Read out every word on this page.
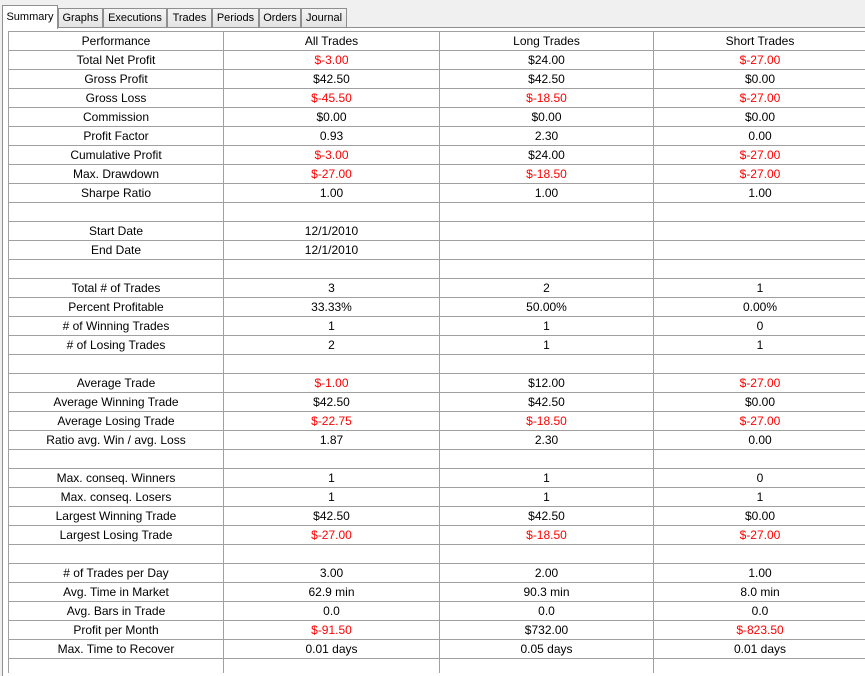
Summary Graphs Executions Trades Periods Orders Journal
Performance	All Trades	Long Trades	Short Trades
Total Net Profit	$-3.00	$24.00	$-27.00
Gross Profit	$42.50	$42.50	$0.00
Gross Loss	$-45.50	$-18.50	$-27.00
Commission	$0.00	$0.00	$0.00
Profit Factor	0.93	2.30	0.00
Cumulative Profit	$-3.00	$24.00	$-27.00
Max. Drawdown	$-27.00	$-18.50	$-27.00
Sharpe Ratio	1.00	1.00	1.00

Start Date	12/1/2010		
End Date	12/1/2010		

Total # of Trades	3	2	1
Percent Profitable	33.33%	50.00%	0.00%
# of Winning Trades	1	1	0
# of Losing Trades	2	1	1

Average Trade	$-1.00	$12.00	$-27.00
Average Winning Trade	$42.50	$42.50	$0.00
Average Losing Trade	$-22.75	$-18.50	$-27.00
Ratio avg. Win / avg. Loss	1.87	2.30	0.00

Max. conseq. Winners	1	1	0
Max. conseq. Losers	1	1	1
Largest Winning Trade	$42.50	$42.50	$0.00
Largest Losing Trade	$-27.00	$-18.50	$-27.00

# of Trades per Day	3.00	2.00	1.00
Avg. Time in Market	62.9 min	90.3 min	8.0 min
Avg. Bars in Trade	0.0	0.0	0.0
Profit per Month	$-91.50	$732.00	$-823.50
Max. Time to Recover	0.01 days	0.05 days	0.01 days
